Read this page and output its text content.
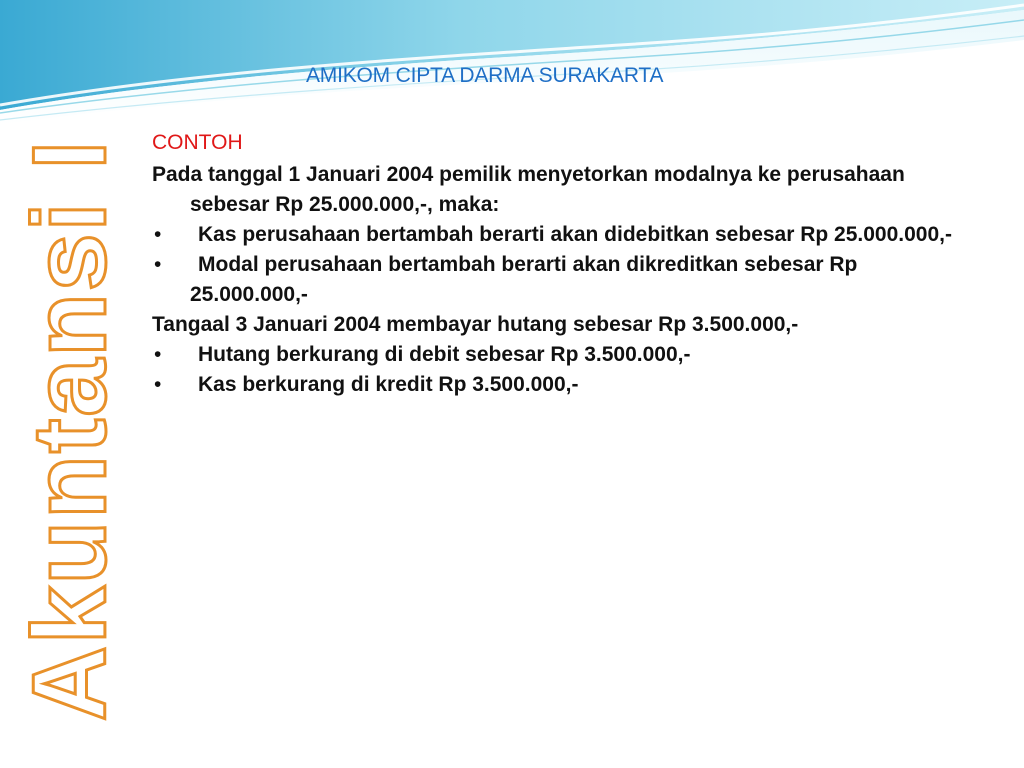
AMIKOM CIPTA DARMA SURAKARTA
Akuntansi I CONTOH

Pada tanggal 1 Januari 2004 pemilik menyetorkan modalnya ke perusahaan sebesar Rp 25.000.000,-, maka:

•	Kas perusahaan bertambah berarti akan didebitkan sebesar Rp 25.000.000,-
•	Modal perusahaan bertambah berarti akan dikreditkan sebesar Rp 25.000.000,-

Tangaal 3 Januari 2004 membayar hutang sebesar Rp 3.500.000,-

•	Hutang berkurang di debit sebesar Rp 3.500.000,-
•	Kas berkurang di kredit Rp 3.500.000,-
